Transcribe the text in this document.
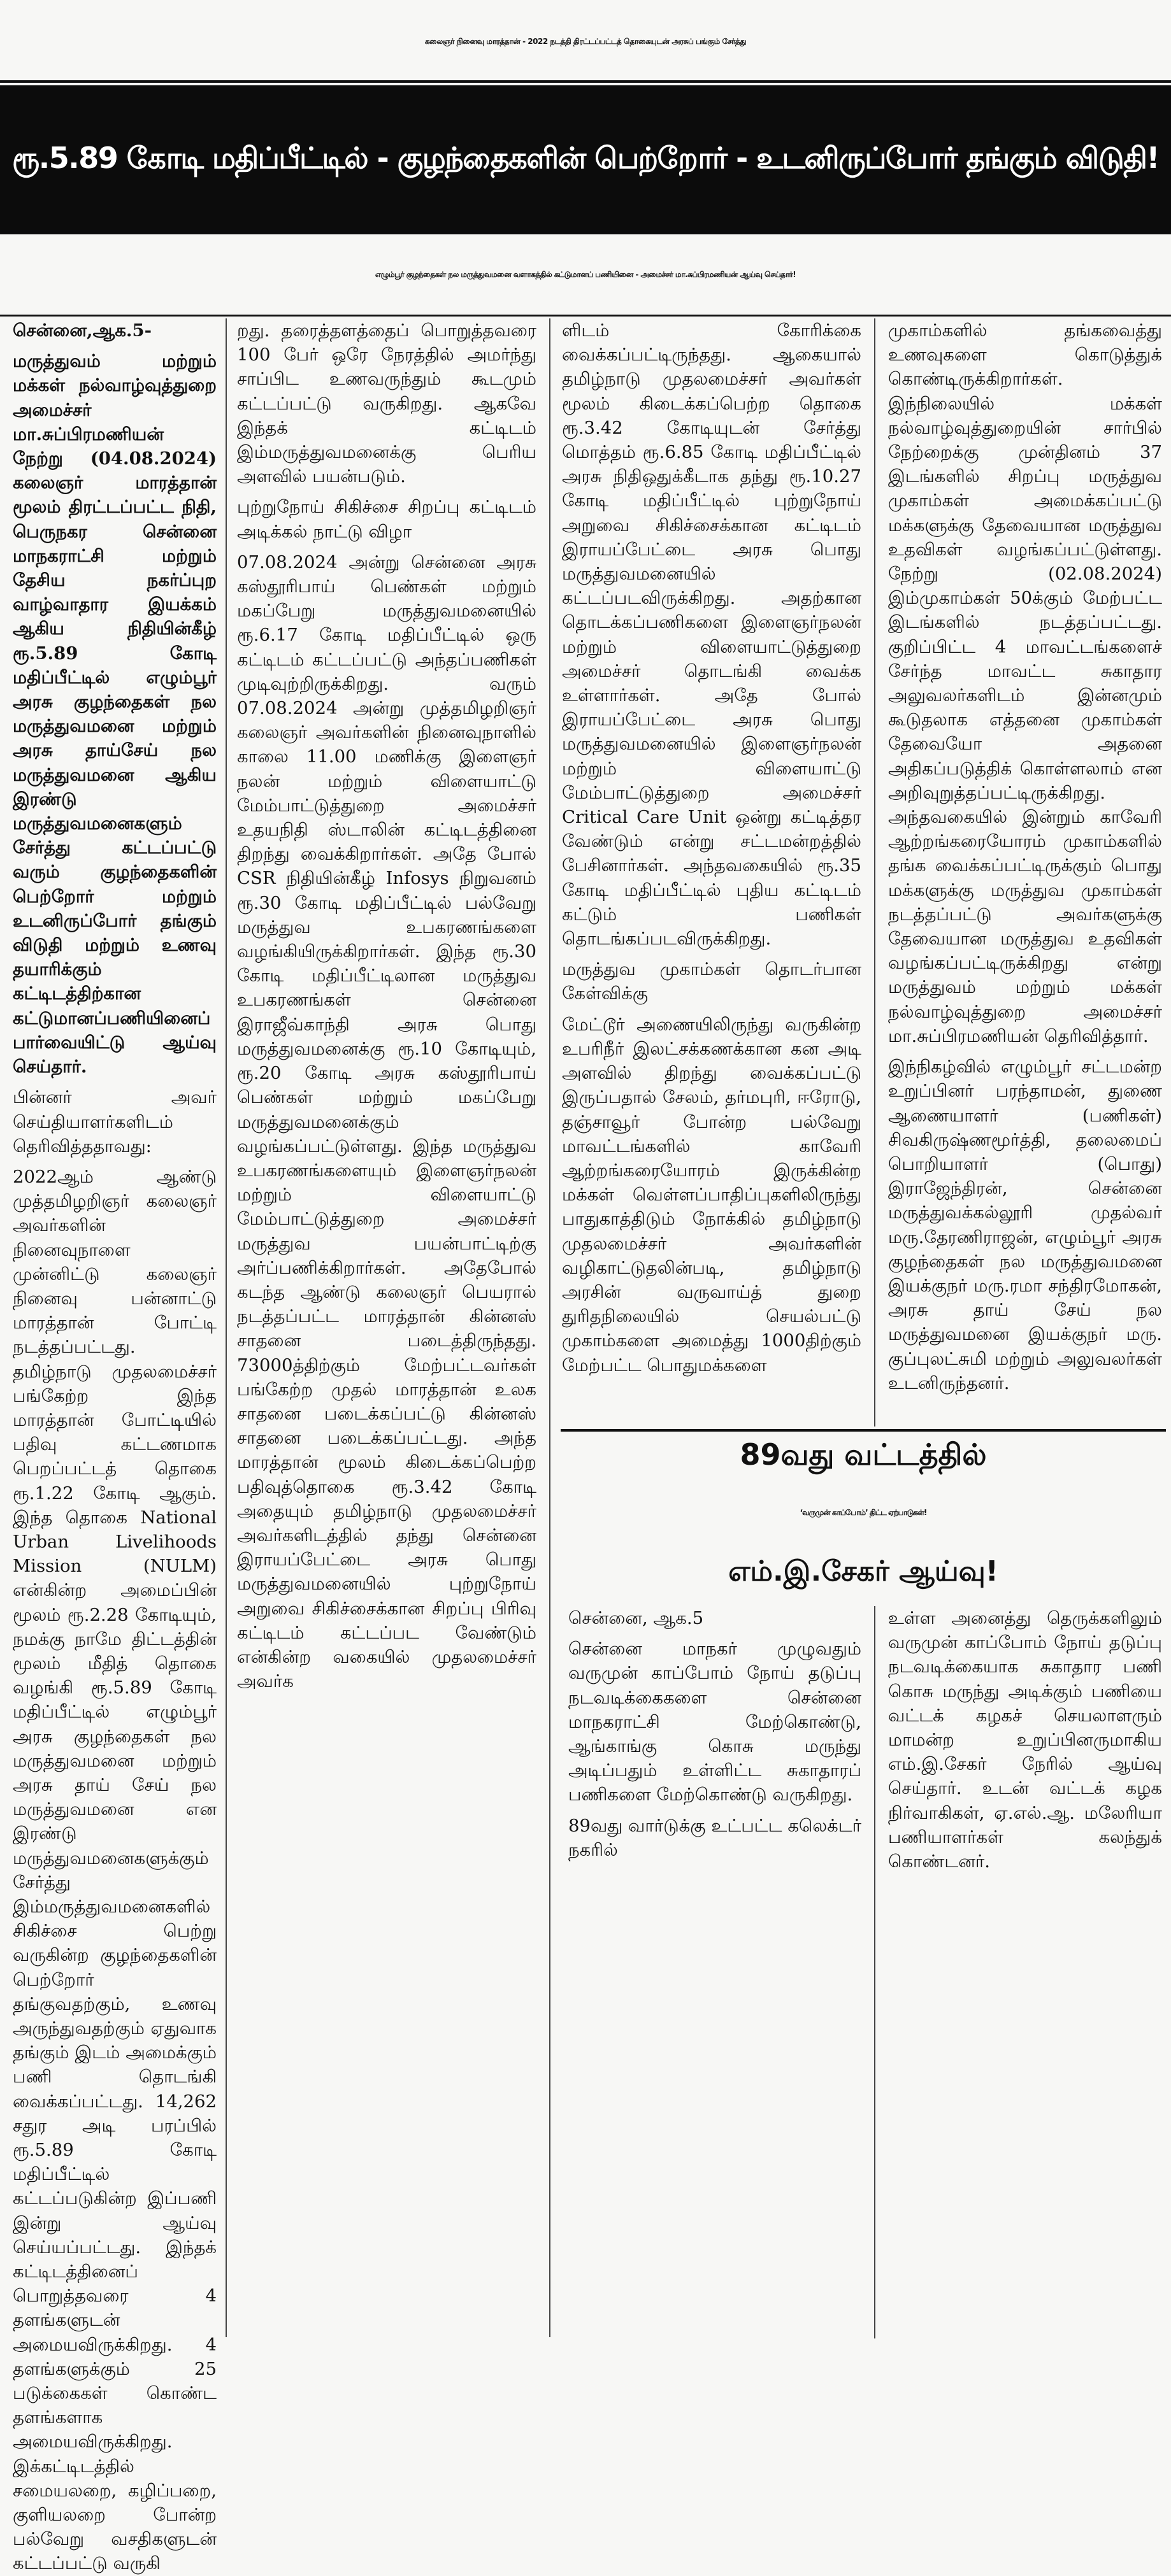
கலைஞர் நினைவு மாரத்தான் - 2022 நடத்தி திரட்டப்பட்டத் தொகையுடன் அரசுப் பங்கும் சேர்த்து
ரூ.5.89 கோடி மதிப்பீட்டில் - குழந்தைகளின் பெற்றோர் - உடனிருப்போர் தங்கும் விடுதி!
எழும்பூர் குழந்தைகள் நல மருத்துவமனை வளாகத்தில் கட்டுமானப் பணியினை - அமைச்சர் மா.சுப்பிரமணியன் ஆய்வு செய்தார்!

சென்னை,ஆக.5-

மருத்துவம் மற்றும் மக்கள் நல்வாழ்வுத்துறை அமைச்சர் மா.சுப்பிரமணியன் நேற்று (04.08.2024) கலைஞர் மாரத்தான் மூலம் திரட்டப்பட்ட நிதி, பெருநகர சென்னை மாநகராட்சி மற்றும் தேசிய நகர்ப்புற வாழ்வாதார இயக்கம் ஆகிய நிதியின்கீழ் ரூ.5.89 கோடி மதிப்பீட்டில் எழும்பூர் அரசு குழந்தைகள் நல மருத்துவமனை மற்றும் அரசு தாய்சேய் நல மருத்துவமனை ஆகிய இரண்டு மருத்துவமனைகளும் சேர்த்து கட்டப்பட்டு வரும் குழந்தைகளின் பெற்றோர் மற்றும் உடனிருப்போர் தங்கும் விடுதி மற்றும் உணவு தயாரிக்கும் கட்டிடத்திற்கான கட்டுமானப்பணியினைப் பார்வையிட்டு ஆய்வு செய்தார்.

பின்னர் அவர் செய்தியாளர்களிடம் தெரிவித்ததாவது:

2022ஆம் ஆண்டு முத்தமிழறிஞர் கலைஞர் அவர்களின் நினைவுநாளை முன்னிட்டு கலைஞர் நினைவு பன்னாட்டு மாரத்தான் போட்டி நடத்தப்பட்டது. தமிழ்நாடு முதலமைச்சர் பங்கேற்ற இந்த மாரத்தான் போட்டியில் பதிவு கட்டணமாக பெறப்பட்டத் தொகை ரூ.1.22 கோடி ஆகும். இந்த தொகை National Urban Livelihoods Mission (NULM) என்கின்ற அமைப்பின் மூலம் ரூ.2.28 கோடியும், நமக்கு நாமே திட்டத்தின் மூலம் மீதித் தொகை வழங்கி ரூ.5.89 கோடி மதிப்பீட்டில் எழும்பூர் அரசு குழந்தைகள் நல மருத்துவமனை மற்றும் அரசு தாய் சேய் நல மருத்துவமனை என இரண்டு மருத்துவமனைகளுக்கும் சேர்த்து இம்மருத்துவமனைகளில் சிகிச்சை பெற்று வருகின்ற குழந்தைகளின் பெற்றோர் தங்குவதற்கும், உணவு அருந்துவதற்கும் ஏதுவாக தங்கும் இடம் அமைக்கும் பணி தொடங்கி வைக்கப்பட்டது. 14,262 சதுர அடி பரப்பில் ரூ.5.89 கோடி மதிப்பீட்டில் கட்டப்படுகின்ற இப்பணி இன்று ஆய்வு செய்யப்பட்டது. இந்தக் கட்டிடத்தினைப் பொறுத்தவரை 4 தளங்களுடன் அமையவிருக்கிறது. 4 தளங்களுக்கும் 25 படுக்கைகள் கொண்ட தளங்களாக அமையவிருக்கிறது. இக்கட்டிடத்தில் சமையலறை, கழிப்பறை, குளியலறை போன்ற பல்வேறு வசதிகளுடன் கட்டப்பட்டு வருகி

றது. தரைத்தளத்தைப் பொறுத்தவரை 100 பேர் ஒரே நேரத்தில் அமர்ந்து சாப்பிட உணவருந்தும் கூடமும் கட்டப்பட்டு வருகிறது. ஆகவே இந்தக் கட்டிடம் இம்மருத்துவமனைக்கு பெரிய அளவில் பயன்படும்.

புற்றுநோய் சிகிச்சை சிறப்பு கட்டிடம் அடிக்கல் நாட்டு விழா

07.08.2024 அன்று சென்னை அரசு கஸ்தூரிபாய் பெண்கள் மற்றும் மகப்பேறு மருத்துவமனையில் ரூ.6.17 கோடி மதிப்பீட்டில் ஒரு கட்டிடம் கட்டப்பட்டு அந்தப்பணிகள் முடிவுற்றிருக்கிறது. வரும் 07.08.2024 அன்று முத்தமிழறிஞர் கலைஞர் அவர்களின் நினைவுநாளில் காலை 11.00 மணிக்கு இளைஞர் நலன் மற்றும் விளையாட்டு மேம்பாட்டுத்துறை அமைச்சர் உதயநிதி ஸ்டாலின் கட்டிடத்தினை திறந்து வைக்கிறார்கள். அதே போல் CSR நிதியின்கீழ் Infosys நிறுவனம் ரூ.30 கோடி மதிப்பீட்டில் பல்வேறு மருத்துவ உபகரணங்களை வழங்கியிருக்கிறார்கள். இந்த ரூ.30 கோடி மதிப்பீட்டிலான மருத்துவ உபகரணங்கள் சென்னை இராஜீவ்காந்தி அரசு பொது மருத்துவமனைக்கு ரூ.10 கோடியும், ரூ.20 கோடி அரசு கஸ்தூரிபாய் பெண்கள் மற்றும் மகப்பேறு மருத்துவமனைக்கும் வழங்கப்பட்டுள்ளது. இந்த மருத்துவ உபகரணங்களையும் இளைஞர்நலன் மற்றும் விளையாட்டு மேம்பாட்டுத்துறை அமைச்சர் மருத்துவ பயன்பாட்டிற்கு அர்ப்பணிக்கிறார்கள். அதேபோல் கடந்த ஆண்டு கலைஞர் பெயரால் நடத்தப்பட்ட மாரத்தான் கின்னஸ் சாதனை படைத்திருந்தது. 73000த்திற்கும் மேற்பட்டவர்கள் பங்கேற்ற முதல் மாரத்தான் உலக சாதனை படைக்கப்பட்டு கின்னஸ் சாதனை படைக்கப்பட்டது. அந்த மாரத்தான் மூலம் கிடைக்கப்பெற்ற பதிவுத்தொகை ரூ.3.42 கோடி அதையும் தமிழ்நாடு முதலமைச்சர் அவர்களிடத்தில் தந்து சென்னை இராயப்பேட்டை அரசு பொது மருத்துவமனையில் புற்றுநோய் அறுவை சிகிச்சைக்கான சிறப்பு பிரிவு கட்டிடம் கட்டப்பட வேண்டும் என்கின்ற வகையில் முதலமைச்சர் அவர்க

ளிடம் கோரிக்கை வைக்கப்பட்டிருந்தது. ஆகையால் தமிழ்நாடு முதலமைச்சர் அவர்கள் மூலம் கிடைக்கப்பெற்ற தொகை ரூ.3.42 கோடியுடன் சேர்த்து மொத்தம் ரூ.6.85 கோடி மதிப்பீட்டில் அரசு நிதிஒதுக்கீடாக தந்து ரூ.10.27 கோடி மதிப்பீட்டில் புற்றுநோய் அறுவை சிகிச்சைக்கான கட்டிடம் இராயப்பேட்டை அரசு பொது மருத்துவமனையில் கட்டப்படவிருக்கிறது. அதற்கான தொடக்கப்பணிகளை இளைஞர்நலன் மற்றும் விளையாட்டுத்துறை அமைச்சர் தொடங்கி வைக்க உள்ளார்கள். அதே போல் இராயப்பேட்டை அரசு பொது மருத்துவமனையில் இளைஞர்நலன் மற்றும் விளையாட்டு மேம்பாட்டுத்துறை அமைச்சர் Critical Care Unit ஒன்று கட்டித்தர வேண்டும் என்று சட்டமன்றத்தில் பேசினார்கள். அந்தவகையில் ரூ.35 கோடி மதிப்பீட்டில் புதிய கட்டிடம் கட்டும் பணிகள் தொடங்கப்படவிருக்கிறது.

மருத்துவ முகாம்கள் தொடர்பான கேள்விக்கு

மேட்டூர் அணையிலிருந்து வருகின்ற உபரிநீர் இலட்சக்கணக்கான கன அடி அளவில் திறந்து வைக்கப்பட்டு இருப்பதால் சேலம், தர்மபுரி, ஈரோடு, தஞ்சாவூர் போன்ற பல்வேறு மாவட்டங்களில் காவேரி ஆற்றங்கரையோரம் இருக்கின்ற மக்கள் வெள்ளப்பாதிப்புகளிலிருந்து பாதுகாத்திடும் நோக்கில் தமிழ்நாடு முதலமைச்சர் அவர்களின் வழிகாட்டுதலின்படி, தமிழ்நாடு அரசின் வருவாய்த் துறை துரிதநிலையில் செயல்பட்டு முகாம்களை அமைத்து 1000திற்கும் மேற்பட்ட பொதுமக்களை

முகாம்களில் தங்கவைத்து உணவுகளை கொடுத்துக் கொண்டிருக்கிறார்கள். இந்நிலையில் மக்கள் நல்வாழ்வுத்துறையின் சார்பில் நேற்றைக்கு முன்தினம் 37 இடங்களில் சிறப்பு மருத்துவ முகாம்கள் அமைக்கப்பட்டு மக்களுக்கு தேவையான மருத்துவ உதவிகள் வழங்கப்பட்டுள்ளது. நேற்று (02.08.2024) இம்முகாம்கள் 50க்கும் மேற்பட்ட இடங்களில் நடத்தப்பட்டது. குறிப்பிட்ட 4 மாவட்டங்களைச் சேர்ந்த மாவட்ட சுகாதார அலுவலர்களிடம் இன்னமும் கூடுதலாக எத்தனை முகாம்கள் தேவையோ அதனை அதிகப்படுத்திக் கொள்ளலாம் என அறிவுறுத்தப்பட்டிருக்கிறது. அந்தவகையில் இன்றும் காவேரி ஆற்றங்கரையோரம் முகாம்களில் தங்க வைக்கப்பட்டிருக்கும் பொது மக்களுக்கு மருத்துவ முகாம்கள் நடத்தப்பட்டு அவர்களுக்கு தேவையான மருத்துவ உதவிகள் வழங்கப்பட்டிருக்கிறது என்று மருத்துவம் மற்றும் மக்கள் நல்வாழ்வுத்துறை அமைச்சர் மா.சுப்பிரமணியன் தெரிவித்தார்.

இந்நிகழ்வில் எழும்பூர் சட்டமன்ற உறுப்பினர் பரந்தாமன், துணை ஆணையாளர் (பணிகள்) சிவகிருஷ்ணமூர்த்தி, தலைமைப் பொறியாளர் (பொது) இராஜேந்திரன், சென்னை மருத்துவக்கல்லூரி முதல்வர் மரு.தேரணிராஜன், எழும்பூர் அரசு குழந்தைகள் நல மருத்துவமனை இயக்குநர் மரு.ரமா சந்திரமோகன், அரசு தாய் சேய் நல மருத்துவமனை இயக்குநர் மரு. குப்புலட்சுமி மற்றும் அலுவலர்கள் உடனிருந்தனர்.

89வது வட்டத்தில்
‘வருமுன் காப்போம்’ திட்ட ஏற்பாடுகள்!
எம்.இ.சேகர் ஆய்வு!

சென்னை, ஆக.5

சென்னை மாநகர் முழுவதும் வருமுன் காப்போம் நோய் தடுப்பு நடவடிக்கைகளை சென்னை மாநகராட்சி மேற்கொண்டு, ஆங்காங்கு கொசு மருந்து அடிப்பதும் உள்ளிட்ட சுகாதாரப் பணிகளை மேற்கொண்டு வருகிறது.

89வது வார்டுக்கு உட்பட்ட கலெக்டர் நகரில்

உள்ள அனைத்து தெருக்களிலும் வருமுன் காப்போம் நோய் தடுப்பு நடவடிக்கையாக சுகாதார பணி கொசு மருந்து அடிக்கும் பணியை வட்டக் கழகச் செயலாளரும் மாமன்ற உறுப்பினருமாகிய எம்.இ.சேகர் நேரில் ஆய்வு செய்தார். உடன் வட்டக் கழக நிர்வாகிகள், ஏ.எல்.ஆ. மலேரியா பணியாளர்கள் கலந்துக் கொண்டனர்.
